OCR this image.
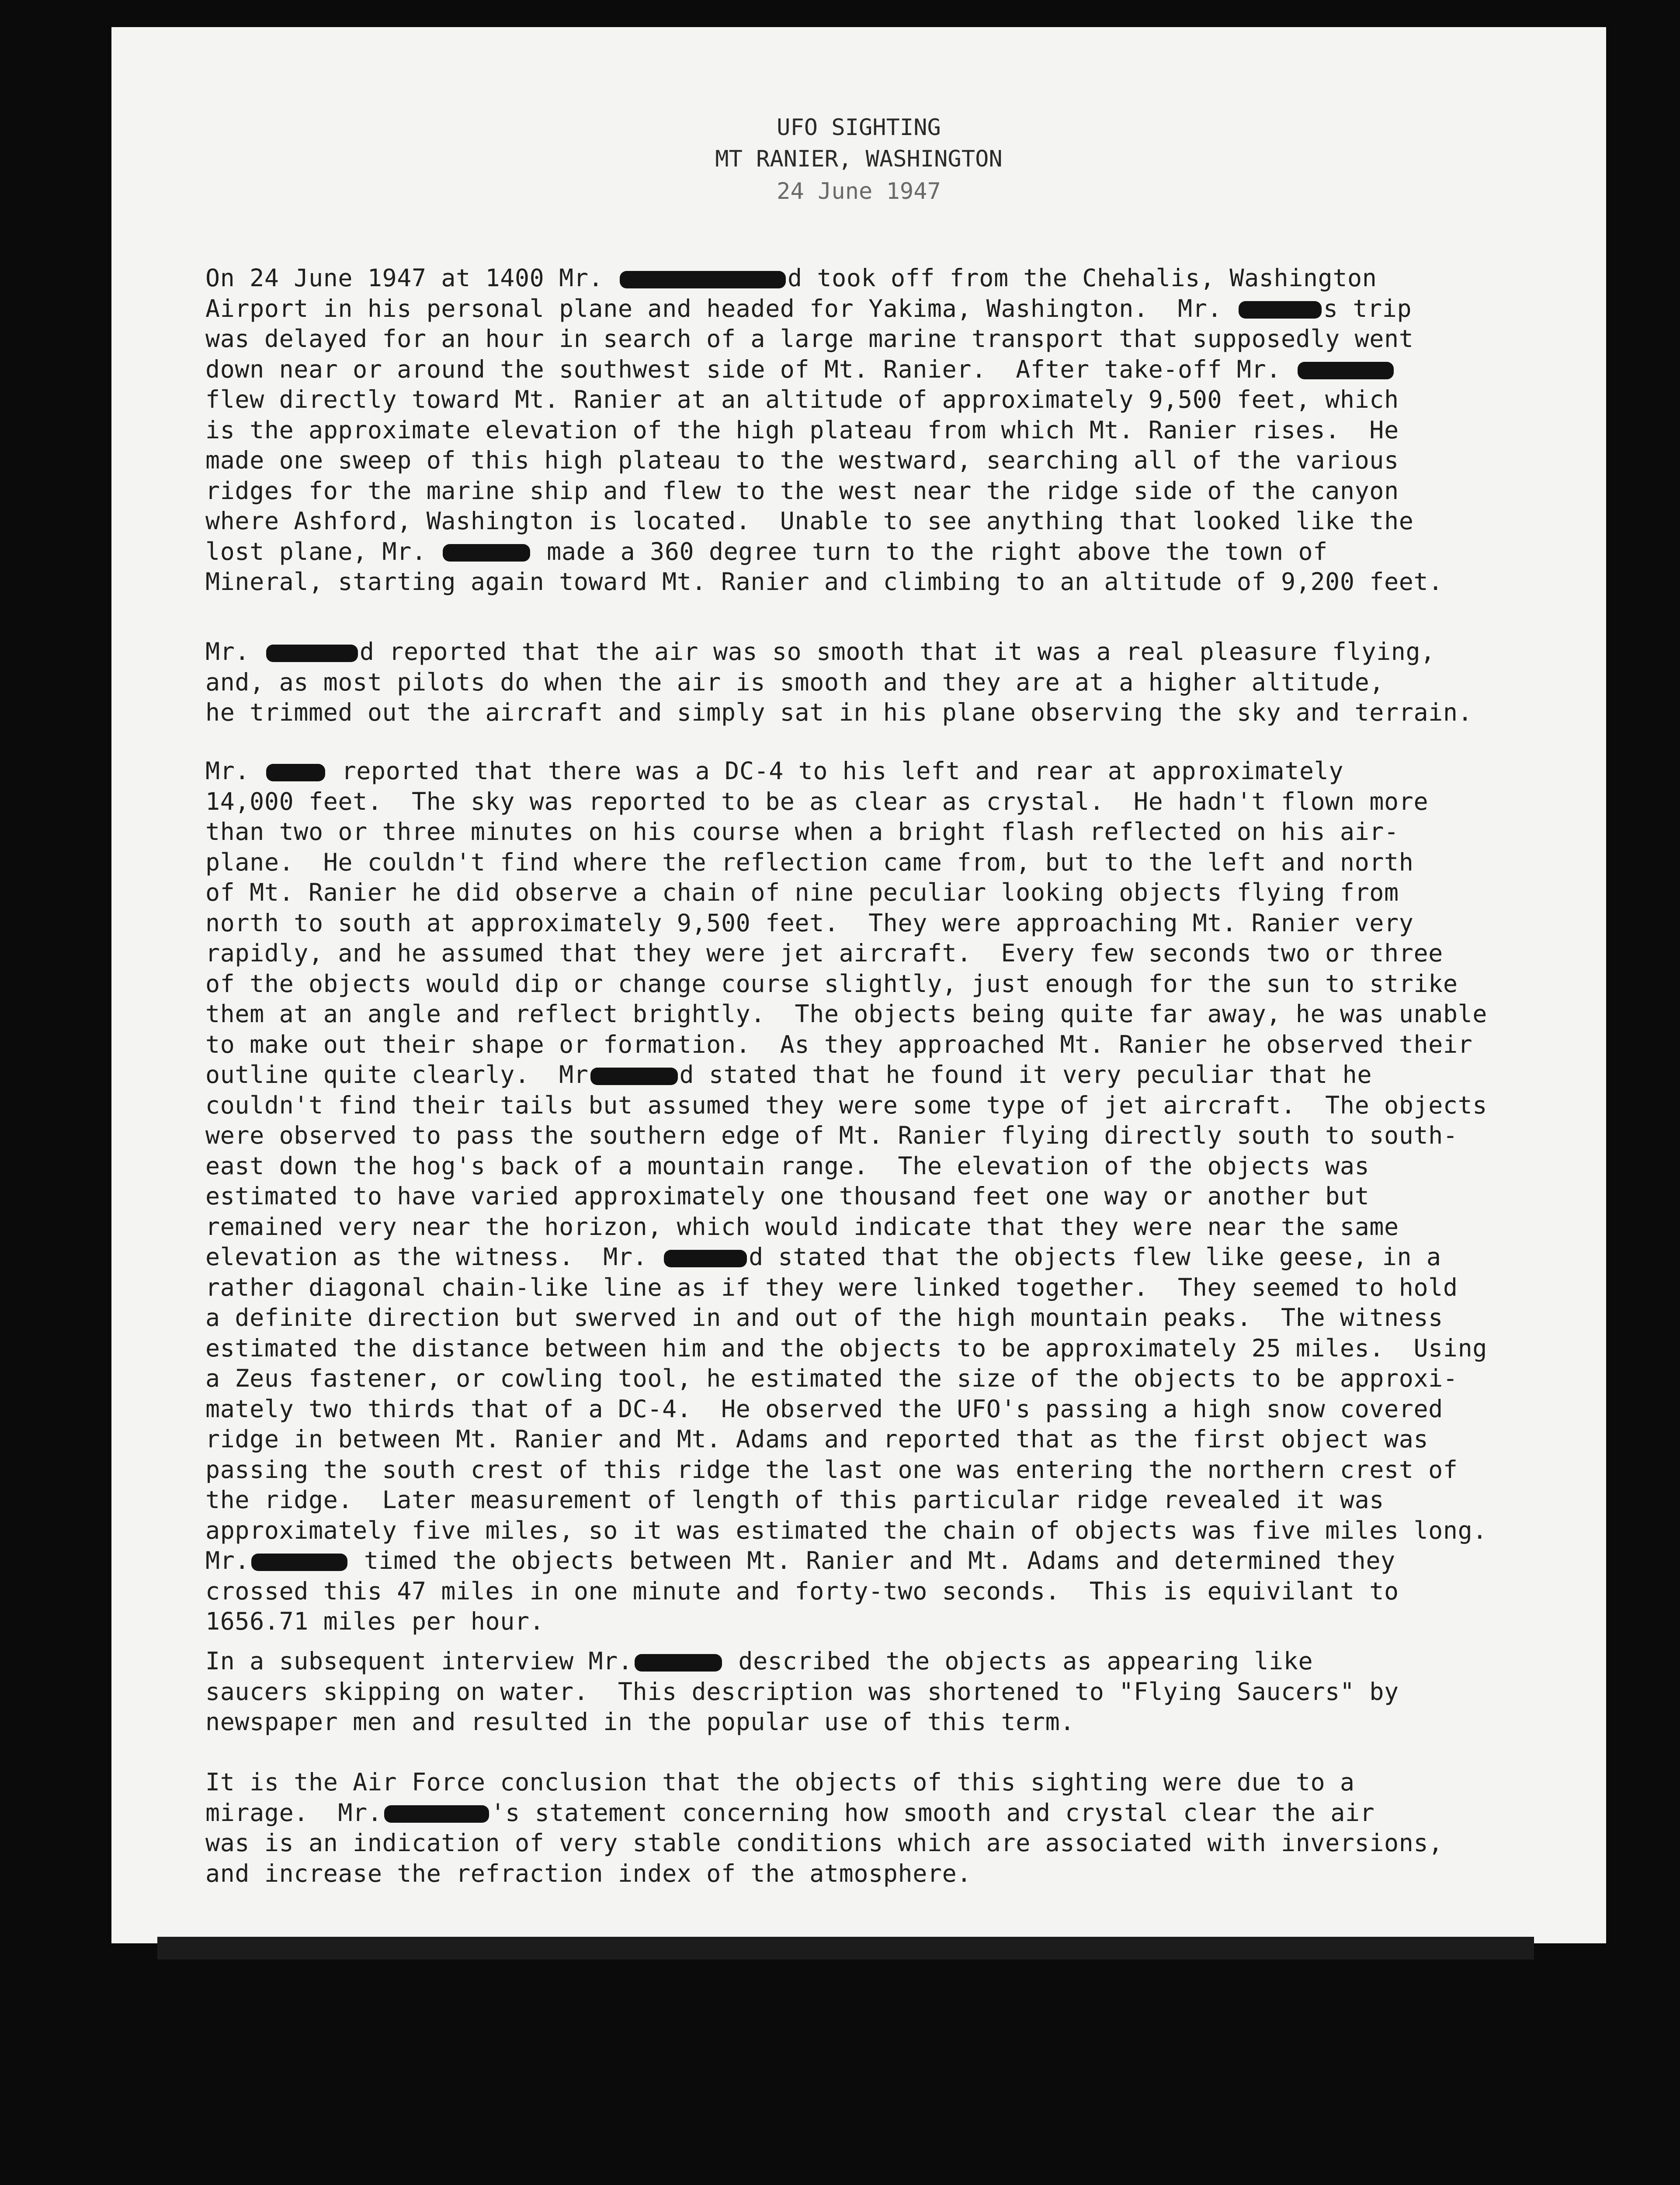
UFO SIGHTING
MT RANIER, WASHINGTON
24 June 1947

On 24 June 1947 at 1400 Mr.	d took off from the Chehalis, Washington
Airport in his personal plane and headed for Yakima, Washington.  Mr.	s trip
was delayed for an hour in search of a large marine transport that supposedly went
down near or around the southwest side of Mt. Ranier.  After take-off Mr.
flew directly toward Mt. Ranier at an altitude of approximately 9,500 feet, which
is the approximate elevation of the high plateau from which Mt. Ranier rises.  He
made one sweep of this high plateau to the westward, searching all of the various
ridges for the marine ship and flew to the west near the ridge side of the canyon
where Ashford, Washington is located.  Unable to see anything that looked like the
lost plane, Mr.	made a 360 degree turn to the right above the town of
Mineral, starting again toward Mt. Ranier and climbing to an altitude of 9,200 feet.

Mr.	d reported that the air was so smooth that it was a real pleasure flying,
and, as most pilots do when the air is smooth and they are at a higher altitude,
he trimmed out the aircraft and simply sat in his plane observing the sky and terrain.

Mr.	reported that there was a DC-4 to his left and rear at approximately
14,000 feet.  The sky was reported to be as clear as crystal.  He hadn't flown more
than two or three minutes on his course when a bright flash reflected on his air-
plane.  He couldn't find where the reflection came from, but to the left and north
of Mt. Ranier he did observe a chain of nine peculiar looking objects flying from
north to south at approximately 9,500 feet.  They were approaching Mt. Ranier very
rapidly, and he assumed that they were jet aircraft.  Every few seconds two or three
of the objects would dip or change course slightly, just enough for the sun to strike
them at an angle and reflect brightly.  The objects being quite far away, he was unable
to make out their shape or formation.  As they approached Mt. Ranier he observed their
outline quite clearly.  Mr	d stated that he found it very peculiar that he
couldn't find their tails but assumed they were some type of jet aircraft.  The objects
were observed to pass the southern edge of Mt. Ranier flying directly south to south-
east down the hog's back of a mountain range.  The elevation of the objects was
estimated to have varied approximately one thousand feet one way or another but
remained very near the horizon, which would indicate that they were near the same
elevation as the witness.  Mr.	d stated that the objects flew like geese, in a
rather diagonal chain-like line as if they were linked together.  They seemed to hold
a definite direction but swerved in and out of the high mountain peaks.  The witness
estimated the distance between him and the objects to be approximately 25 miles.  Using
a Zeus fastener, or cowling tool, he estimated the size of the objects to be approxi-
mately two thirds that of a DC-4.  He observed the UFO's passing a high snow covered
ridge in between Mt. Ranier and Mt. Adams and reported that as the first object was
passing the south crest of this ridge the last one was entering the northern crest of
the ridge.  Later measurement of length of this particular ridge revealed it was
approximately five miles, so it was estimated the chain of objects was five miles long.
Mr.	timed the objects between Mt. Ranier and Mt. Adams and determined they
crossed this 47 miles in one minute and forty-two seconds.  This is equivilant to
1656.71 miles per hour.

In a subsequent interview Mr.	described the objects as appearing like
saucers skipping on water.  This description was shortened to "Flying Saucers" by
newspaper men and resulted in the popular use of this term.

It is the Air Force conclusion that the objects of this sighting were due to a
mirage.  Mr.	's statement concerning how smooth and crystal clear the air
was is an indication of very stable conditions which are associated with inversions,
and increase the refraction index of the atmosphere.
